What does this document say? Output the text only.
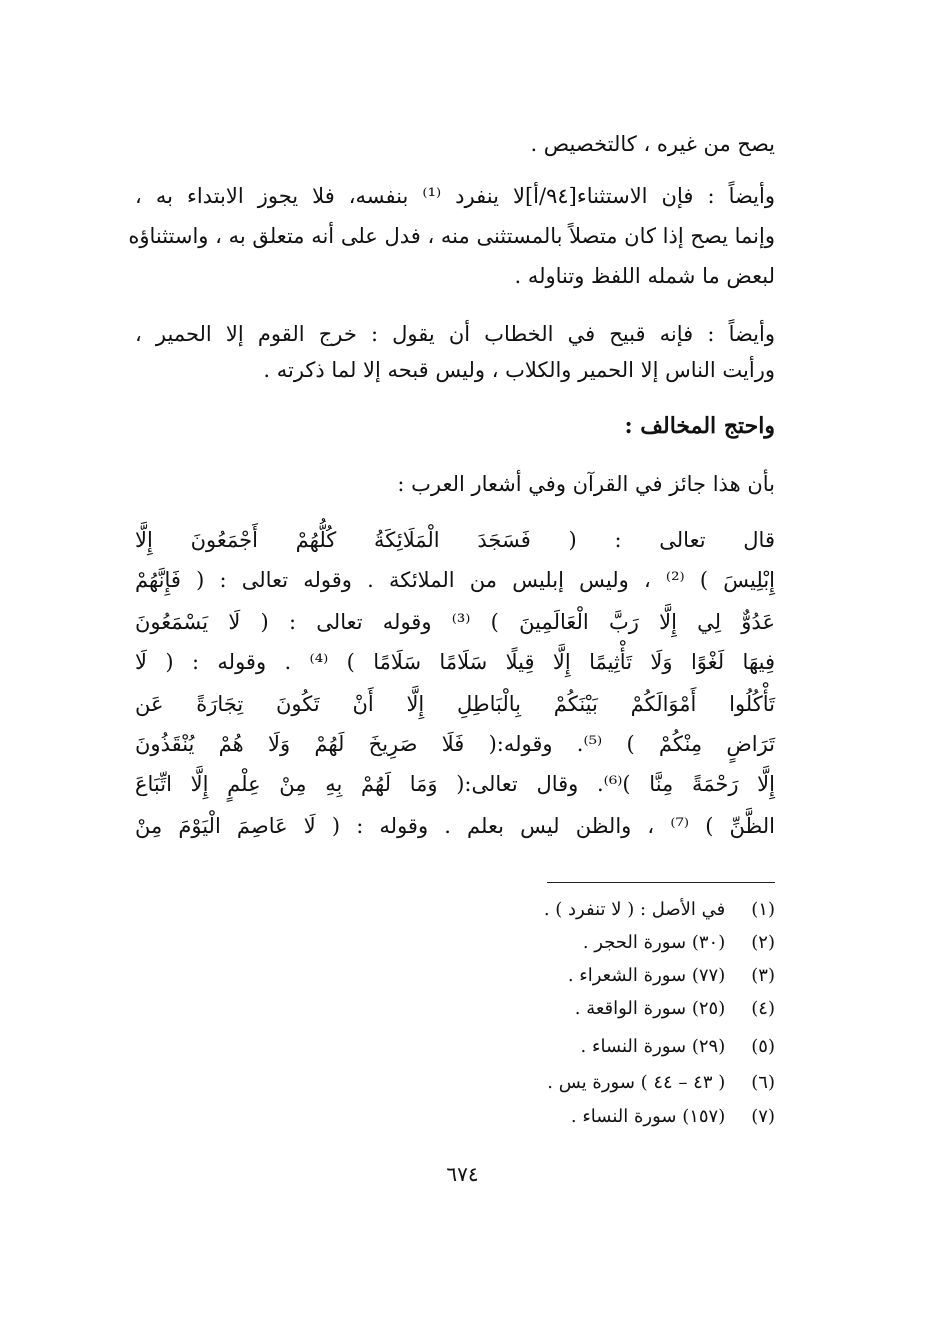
يصح من غيره ، كالتخصيص .
وأيضاً : فإن الاستثناء[٩٤/أ]لا ينفرد ⁽¹⁾ بنفسه، فلا يجوز الابتداء به ،
وإنما يصح إذا كان متصلاً بالمستثنى منه ، فدل على أنه متعلق به ، واستثناؤه
لبعض ما شمله اللفظ وتناوله .
وأيضاً : فإنه قبيح في الخطاب أن يقول : خرج القوم إلا الحمير ،
ورأيت الناس إلا الحمير والكلاب ، وليس قبحه إلا لما ذكرته .
واحتج المخالف :
بأن هذا جائز في القرآن وفي أشعار العرب :
قال تعالى : ( فَسَجَدَ الْمَلَائِكَةُ كُلُّهُمْ أَجْمَعُونَ إِلَّا
إِبْلِيسَ ) ⁽²⁾ ، وليس إبليس من الملائكة . وقوله تعالى : ( فَإِنَّهُمْ
عَدُوٌّ لِي إِلَّا رَبَّ الْعَالَمِينَ ) ⁽³⁾ وقوله تعالى : ( لَا يَسْمَعُونَ
فِيهَا لَغْوًا وَلَا تَأْثِيمًا إِلَّا قِيلًا سَلَامًا سَلَامًا ) ⁽⁴⁾ . وقوله : ( لَا
تَأْكُلُوا أَمْوَالَكُمْ بَيْنَكُمْ بِالْبَاطِلِ إِلَّا أَنْ تَكُونَ تِجَارَةً عَن
تَرَاضٍ مِنْكُمْ ) ⁽⁵⁾. وقوله:( فَلَا صَرِيخَ لَهُمْ وَلَا هُمْ يُنْقَذُونَ
إِلَّا رَحْمَةً مِنَّا )⁽⁶⁾. وقال تعالى:( وَمَا لَهُمْ بِهِ مِنْ عِلْمٍ إِلَّا اتِّبَاعَ
الظَّنِّ ) ⁽⁷⁾ ، والظن ليس بعلم . وقوله : ( لَا عَاصِمَ الْيَوْمَ مِنْ
(١) في الأصل : ( لا تنفرد ) .
(٢) (٣٠) سورة الحجر .
(٣) (٧٧) سورة الشعراء .
(٤) (٢٥) سورة الواقعة .
(٥) (٢٩) سورة النساء .
(٦) ( ٤٣ – ٤٤ ) سورة يس .
(٧) (١٥٧) سورة النساء .
٦٧٤
